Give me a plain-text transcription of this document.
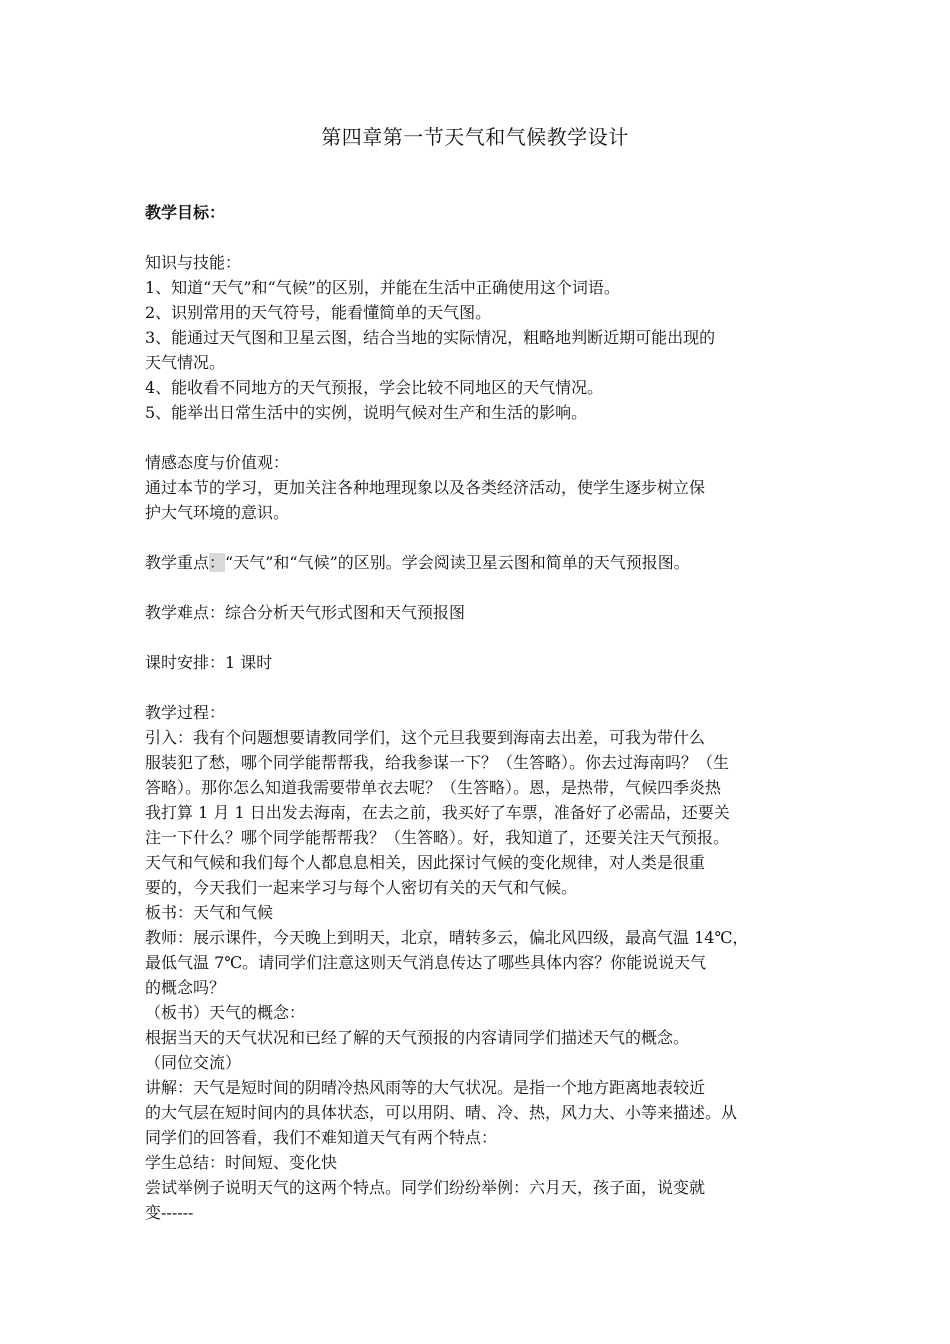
第四章第一节天气和气候教学设计

教学目标：

知识与技能：

1、知道“天气”和“气候”的区别，并能在生活中正确使用这个词语。

2、识别常用的天气符号，能看懂简单的天气图。

3、能通过天气图和卫星云图，结合当地的实际情况，粗略地判断近期可能出现的

天气情况。

4、能收看不同地方的天气预报，学会比较不同地区的天气情况。

5、能举出日常生活中的实例，说明气候对生产和生活的影响。

情感态度与价值观：

通过本节的学习，更加关注各种地理现象以及各类经济活动，使学生逐步树立保

护大气环境的意识。

教学重点：“天气”和“气候”的区别。学会阅读卫星云图和简单的天气预报图。

教学难点：综合分析天气形式图和天气预报图

课时安排：1 课时

教学过程：

引入：我有个问题想要请教同学们，这个元旦我要到海南去出差，可我为带什么

服装犯了愁，哪个同学能帮帮我，给我参谋一下？（生答略）。你去过海南吗？（生

答略）。那你怎么知道我需要带单衣去呢？（生答略）。恩，是热带，气候四季炎热

我打算 1 月 1 日出发去海南，在去之前，我买好了车票，准备好了必需品，还要关

注一下什么？哪个同学能帮帮我？（生答略）。好，我知道了，还要关注天气预报。

天气和气候和我们每个人都息息相关，因此探讨气候的变化规律，对人类是很重

要的，今天我们一起来学习与每个人密切有关的天气和气候。

板书：天气和气候

教师：展示课件，今天晚上到明天，北京，晴转多云，偏北风四级，最高气温 14℃，

最低气温 7℃。请同学们注意这则天气消息传达了哪些具体内容？你能说说天气

的概念吗？

（板书）天气的概念：

根据当天的天气状况和已经了解的天气预报的内容请同学们描述天气的概念。

（同位交流）

讲解：天气是短时间的阴晴冷热风雨等的大气状况。是指一个地方距离地表较近

的大气层在短时间内的具体状态，可以用阴、晴、冷、热，风力大、小等来描述。从

同学们的回答看，我们不难知道天气有两个特点：

学生总结：时间短、变化快

尝试举例子说明天气的这两个特点。同学们纷纷举例：六月天，孩子面，说变就

变------
